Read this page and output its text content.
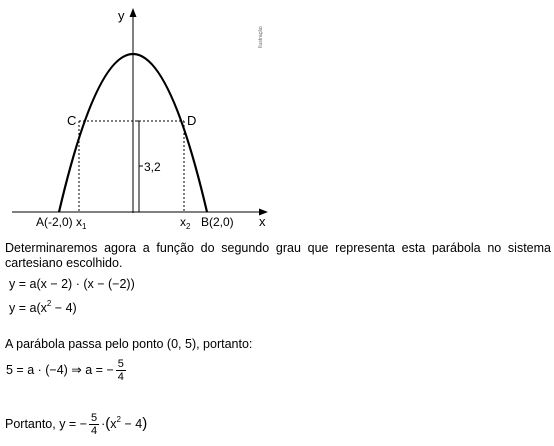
y
x
C	D
3,2
A(-2,0) $x_1$	$x_2$ B(2,0)
Ilustração
Determinaremos agora a função do segundo grau que representa esta parábola no sistema cartesiano escolhido.
y = a(x − 2) · (x − (−2))
$y = a(x^2 - 4)$
A parábola passa pelo ponto (0, 5), portanto:
5 = a · (−4) ⇒ a = − $\frac{5}{4}$
Portanto, y = − $\frac{5}{4} \cdot(x^2 - 4)$
